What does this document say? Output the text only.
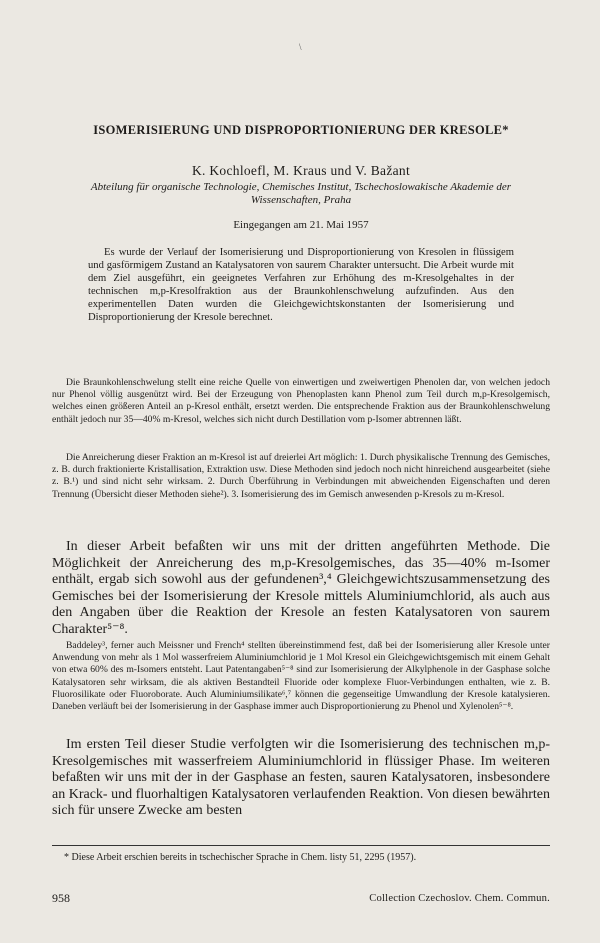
\
ISOMERISIERUNG UND DISPROPORTIONIERUNG DER KRESOLE*
K. Kochloefl, M. Kraus und V. Bažant
Abteilung für organische Technologie, Chemisches Institut, Tschechoslowakische Akademie der Wissenschaften, Praha
Eingegangen am 21. Mai 1957

Es wurde der Verlauf der Isomerisierung und Disproportionierung von Kresolen in flüssigem und gasförmigem Zustand an Katalysatoren von saurem Charakter untersucht. Die Arbeit wurde mit dem Ziel ausgeführt, ein geeignetes Verfahren zur Erhöhung des m-Kresolgehaltes in der technischen m,p-Kresolfraktion aus der Braunkohlenschwelung aufzufinden. Aus den experimentellen Daten wurden die Gleichgewichtskonstanten der Isomerisierung und Disproportionierung der Kresole berechnet.

Die Braunkohlenschwelung stellt eine reiche Quelle von einwertigen und zweiwertigen Phenolen dar, von welchen jedoch nur Phenol völlig ausgenützt wird. Bei der Erzeugung von Phenoplasten kann Phenol zum Teil durch m,p-Kresolgemisch, welches einen größeren Anteil an p-Kresol enthält, ersetzt werden. Die entsprechende Fraktion aus der Braunkohlenschwelung enthält jedoch nur 35—40% m-Kresol, welches sich nicht durch Destillation vom p-Isomer abtrennen läßt.

Die Anreicherung dieser Fraktion an m-Kresol ist auf dreierlei Art möglich: 1. Durch physikalische Trennung des Gemisches, z. B. durch fraktionierte Kristallisation, Extraktion usw. Diese Methoden sind jedoch noch nicht hinreichend ausgearbeitet (siehe z. B.¹) und sind nicht sehr wirksam. 2. Durch Überführung in Verbindungen mit abweichenden Eigenschaften und deren Trennung (Übersicht dieser Methoden siehe²). 3. Isomerisierung des im Gemisch anwesenden p-Kresols zu m-Kresol.

In dieser Arbeit befaßten wir uns mit der dritten angeführten Methode. Die Möglichkeit der Anreicherung des m,p-Kresolgemisches, das 35—40% m-Isomer enthält, ergab sich sowohl aus der gefundenen³,⁴ Gleichgewichtszusammensetzung des Gemisches bei der Isomerisierung der Kresole mittels Aluminiumchlorid, als auch aus den Angaben über die Reaktion der Kresole an festen Katalysatoren von saurem Charakter⁵⁻⁸.

Baddeley³, ferner auch Meissner und French⁴ stellten übereinstimmend fest, daß bei der Isomerisierung aller Kresole unter Anwendung von mehr als 1 Mol wasserfreiem Aluminiumchlorid je 1 Mol Kresol ein Gleichgewichtsgemisch mit einem Gehalt von etwa 60% des m-Isomers entsteht. Laut Patentangaben⁵⁻⁸ sind zur Isomerisierung der Alkylphenole in der Gasphase solche Katalysatoren sehr wirksam, die als aktiven Bestandteil Fluoride oder komplexe Fluor-Verbindungen enthalten, wie z. B. Fluorosilikate oder Fluoroborate. Auch Aluminiumsilikate⁶,⁷ können die gegenseitige Umwandlung der Kresole katalysieren. Daneben verläuft bei der Isomerisierung in der Gasphase immer auch Disproportionierung zu Phenol und Xylenolen⁵⁻⁸.

Im ersten Teil dieser Studie verfolgten wir die Isomerisierung des technischen m,p-Kresolgemisches mit wasserfreiem Aluminiumchlorid in flüssiger Phase. Im weiteren befaßten wir uns mit der in der Gasphase an festen, sauren Katalysatoren, insbesondere an Krack- und fluorhaltigen Katalysatoren verlaufenden Reaktion. Von diesen bewährten sich für unsere Zwecke am besten

* Diese Arbeit erschien bereits in tschechischer Sprache in Chem. listy 51, 2295 (1957).

958	Collection Czechoslov. Chem. Commun.
